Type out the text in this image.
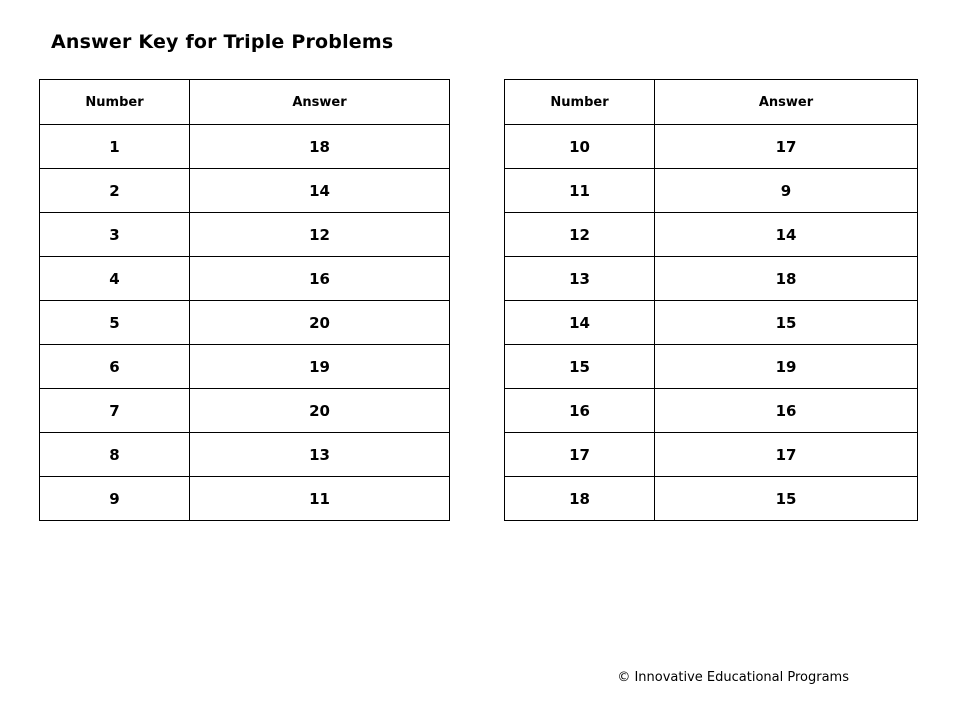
Answer Key for Triple Problems
Number	Answer
1	18
2	14
3	12
4	16
5	20
6	19
7	20
8	13
9	11
Number	Answer
10	17
11	9
12	14
13	18
14	15
15	19
16	16
17	17
18	15
© Innovative Educational Programs
